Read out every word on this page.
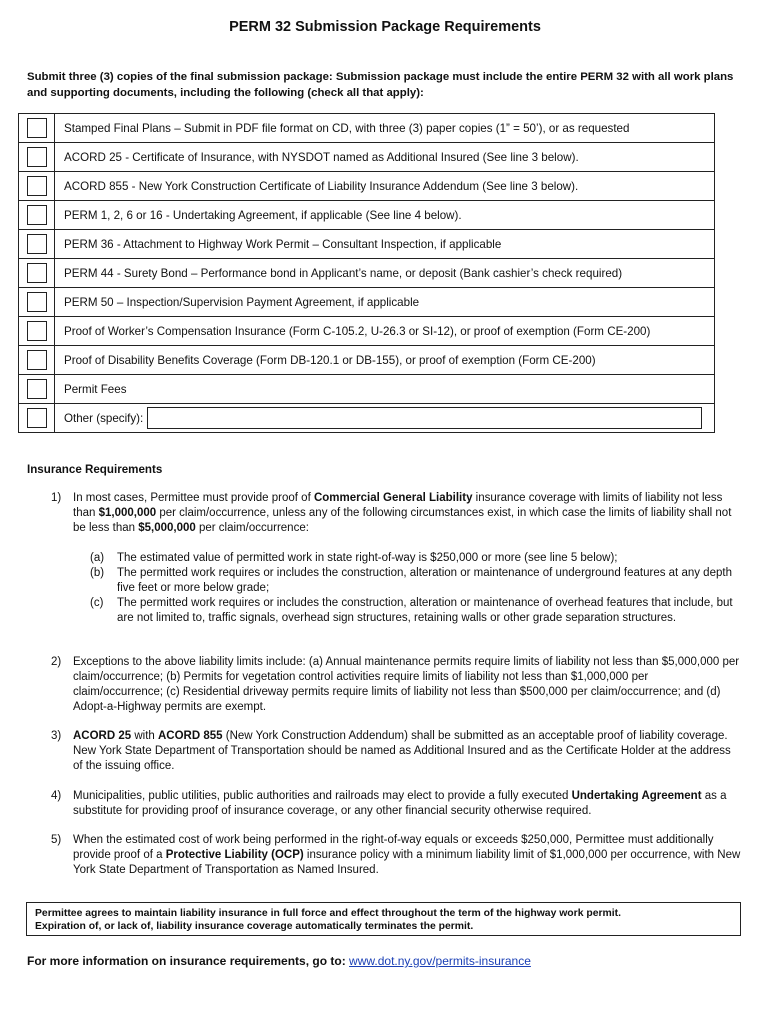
PERM 32 Submission Package Requirements
Submit three (3) copies of the final submission package: Submission package must include the entire PERM 32 with all work plans and supporting documents, including the following (check all that apply):
	Stamped Final Plans – Submit in PDF file format on CD, with three (3) paper copies (1” = 50’), or as requested

	ACORD 25 - Certificate of Insurance, with NYSDOT named as Additional Insured (See line 3 below).

	ACORD 855 - New York Construction Certificate of Liability Insurance Addendum (See line 3 below).

	PERM 1, 2, 6 or 16 - Undertaking Agreement, if applicable (See line 4 below).

	PERM 36 - Attachment to Highway Work Permit – Consultant Inspection, if applicable

	PERM 44 - Surety Bond – Performance bond in Applicant’s name, or deposit (Bank cashier’s check required)

	PERM 50 – Inspection/Supervision Payment Agreement, if applicable

	Proof of Worker’s Compensation Insurance (Form C-105.2, U-26.3 or SI-12), or proof of exemption (Form CE-200)

	Proof of Disability Benefits Coverage (Form DB-120.1 or DB-155), or proof of exemption (Form CE-200)

	Permit Fees

	Other (specify):
Insurance Requirements
1) In most cases, Permittee must provide proof of Commercial General Liability insurance coverage with limits of liability not less than $1,000,000 per claim/occurrence, unless any of the following circumstances exist, in which case the limits of liability shall not be less than $5,000,000 per claim/occurrence:
(a) The estimated value of permitted work in state right-of-way is $250,000 or more (see line 5 below);
(b) The permitted work requires or includes the construction, alteration or maintenance of underground features at any depth five feet or more below grade;
(c) The permitted work requires or includes the construction, alteration or maintenance of overhead features that include, but are not limited to, traffic signals, overhead sign structures, retaining walls or other grade separation structures.
2) Exceptions to the above liability limits include: (a) Annual maintenance permits require limits of liability not less than $5,000,000 per claim/occurrence; (b) Permits for vegetation control activities require limits of liability not less than $1,000,000 per claim/occurrence; (c) Residential driveway permits require limits of liability not less than $500,000 per claim/occurrence; and (d) Adopt-a-Highway permits are exempt.
3) ACORD 25 with ACORD 855 (New York Construction Addendum) shall be submitted as an acceptable proof of liability coverage. New York State Department of Transportation should be named as Additional Insured and as the Certificate Holder at the address of the issuing office.
4) Municipalities, public utilities, public authorities and railroads may elect to provide a fully executed Undertaking Agreement as a substitute for providing proof of insurance coverage, or any other financial security otherwise required.
5) When the estimated cost of work being performed in the right-of-way equals or exceeds $250,000, Permittee must additionally provide proof of a Protective Liability (OCP) insurance policy with a minimum liability limit of $1,000,000 per occurrence, with New York State Department of Transportation as Named Insured.
Permittee agrees to maintain liability insurance in full force and effect throughout the term of the highway work permit.
Expiration of, or lack of, liability insurance coverage automatically terminates the permit.
For more information on insurance requirements, go to: www.dot.ny.gov/permits-insurance
